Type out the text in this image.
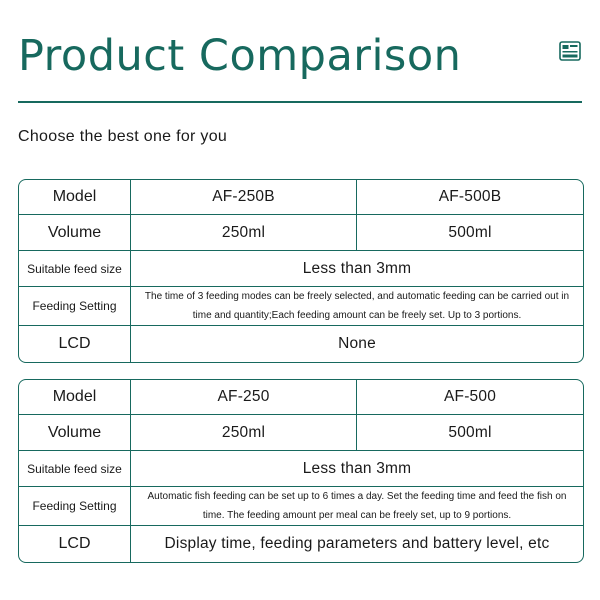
Product Comparison
Choose the best one for you
Model	AF-250B	AF-500B
Volume	250ml	500ml
Suitable feed size	Less than 3mm	
Feeding Setting	The time of 3 feeding modes can be freely selected, and automatic feeding can be carried out in time and quantity;Each feeding amount can be freely set. Up to 3 portions.	
LCD	None	
Model	AF-250	AF-500
Volume	250ml	500ml
Suitable feed size	Less than 3mm	
Feeding Setting	Automatic fish feeding can be set up to 6 times a day. Set the feeding time and feed the fish on time. The feeding amount per meal can be freely set, up to 9 portions.	
LCD	Display time, feeding parameters and battery level, etc	
